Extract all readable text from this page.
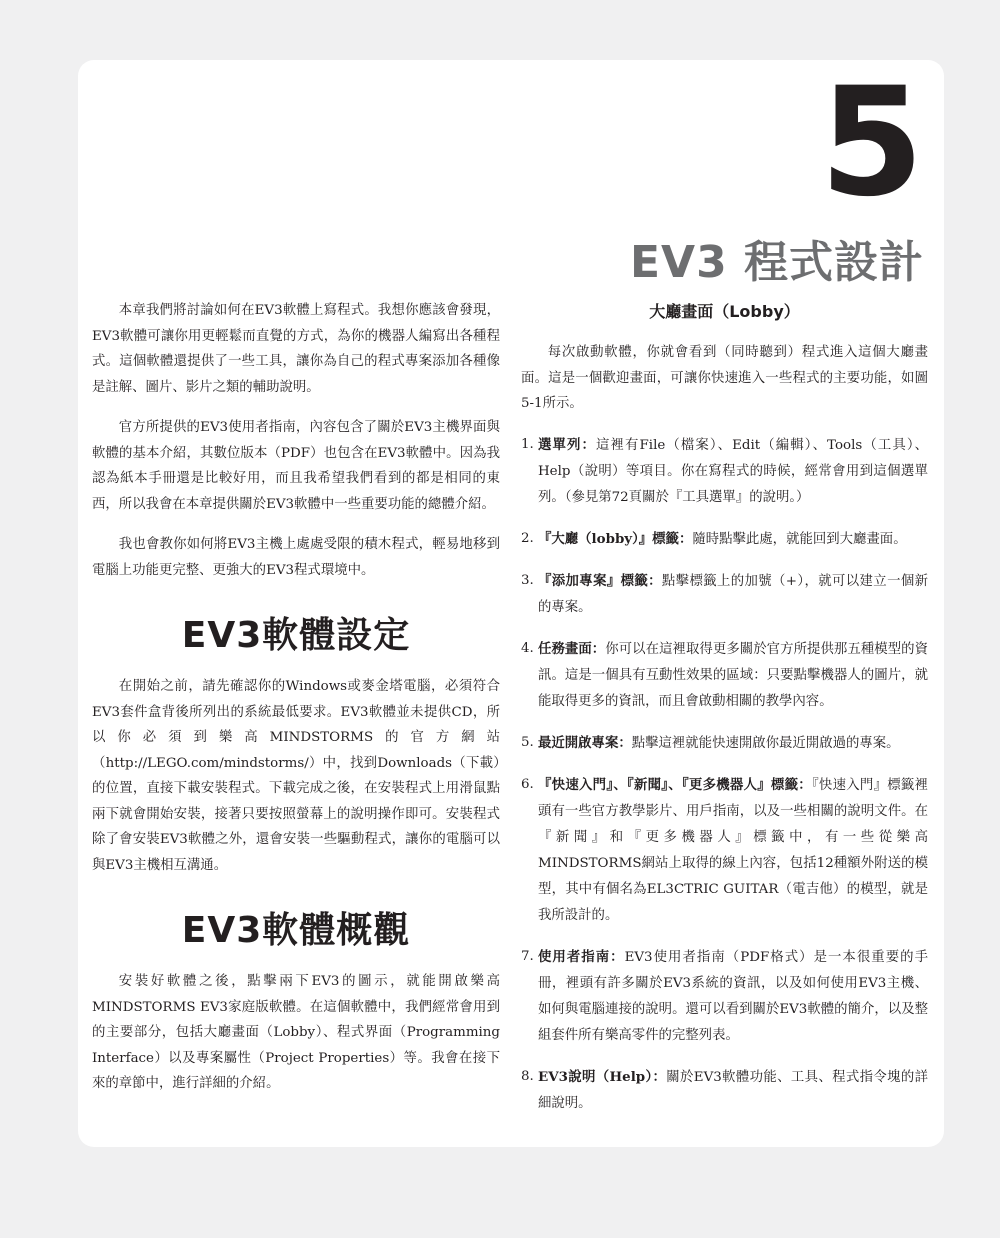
5
EV3 程式設計

本章我們將討論如何在EV3軟體上寫程式。我想你應該會發現，EV3軟體可讓你用更輕鬆而直覺的方式，為你的機器人編寫出各種程式。這個軟體還提供了一些工具，讓你為自己的程式專案添加各種像是註解、圖片、影片之類的輔助說明。

官方所提供的EV3使用者指南，內容包含了關於EV3主機界面與軟體的基本介紹，其數位版本（PDF）也包含在EV3軟體中。因為我認為紙本手冊還是比較好用，而且我希望我們看到的都是相同的東西，所以我會在本章提供關於EV3軟體中一些重要功能的總體介紹。

我也會教你如何將EV3主機上處處受限的積木程式，輕易地移到電腦上功能更完整、更強大的EV3程式環境中。

EV3軟體設定

在開始之前，請先確認你的Windows或麥金塔電腦，必須符合EV3套件盒背後所列出的系統最低要求。EV3軟體並未提供CD，所以你必須到樂高MINDSTORMS的官方網站（http://LEGO.com/mindstorms/）中，找到Downloads（下載）的位置，直接下載安裝程式。下載完成之後，在安裝程式上用滑鼠點兩下就會開始安裝，接著只要按照螢幕上的說明操作即可。安裝程式除了會安裝EV3軟體之外，還會安裝一些驅動程式，讓你的電腦可以與EV3主機相互溝通。

EV3軟體概觀

安裝好軟體之後，點擊兩下EV3的圖示，就能開啟樂高MINDSTORMS EV3家庭版軟體。在這個軟體中，我們經常會用到的主要部分，包括大廳畫面（Lobby）、程式界面（Programming Interface）以及專案屬性（Project Properties）等。我會在接下來的章節中，進行詳細的介紹。

大廳畫面（Lobby）

每次啟動軟體，你就會看到（同時聽到）程式進入這個大廳畫面。這是一個歡迎畫面，可讓你快速進入一些程式的主要功能，如圖5-1所示。

1. 選單列：這裡有File（檔案）、Edit（編輯）、Tools（工具）、Help（說明）等項目。你在寫程式的時候，經常會用到這個選單列。（參見第72頁關於『工具選單』的說明。）
2. 『大廳（lobby）』標籤：隨時點擊此處，就能回到大廳畫面。
3. 『添加專案』標籤：點擊標籤上的加號（+），就可以建立一個新的專案。
4. 任務畫面：你可以在這裡取得更多關於官方所提供那五種模型的資訊。這是一個具有互動性效果的區域：只要點擊機器人的圖片，就能取得更多的資訊，而且會啟動相關的教學內容。
5. 最近開啟專案：點擊這裡就能快速開啟你最近開啟過的專案。
6. 『快速入門』、『新聞』、『更多機器人』標籤：『快速入門』標籤裡頭有一些官方教學影片、用戶指南，以及一些相關的說明文件。在『新聞』和『更多機器人』標籤中，有一些從樂高MINDSTORMS網站上取得的線上內容，包括12種額外附送的模型，其中有個名為EL3CTRIC GUITAR（電吉他）的模型，就是我所設計的。
7. 使用者指南：EV3使用者指南（PDF格式）是一本很重要的手冊，裡頭有許多關於EV3系統的資訊，以及如何使用EV3主機、如何與電腦連接的說明。還可以看到關於EV3軟體的簡介，以及整組套件所有樂高零件的完整列表。
8. EV3說明（Help）：關於EV3軟體功能、工具、程式指令塊的詳細說明。
